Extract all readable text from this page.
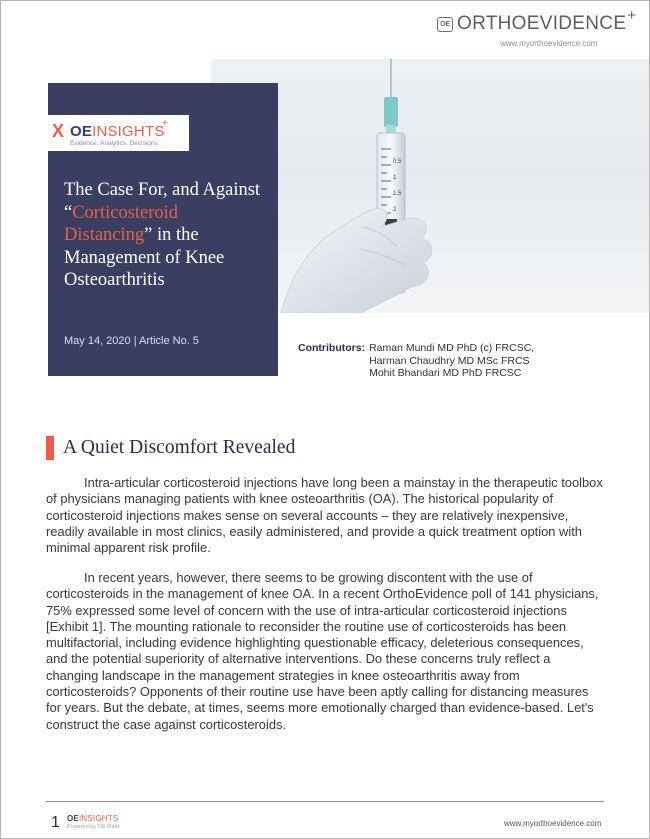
OE ORTHOEVIDENCE +
www.myorthoevidence.com
0.5
1
1.5
2
X OEINSIGHTS
+
Evidence, Analytics, Decisions
The Case For, and Against “Corticosteroid Distancing” in the Management of Knee Osteoarthritis
May 14, 2020 | Article No. 5
Contributors: Raman Mundi MD PhD (c) FRCSC,
Harman Chaudhry MD MSc FRCS
Mohit Bhandari MD PhD FRCSC
A Quiet Discomfort Revealed

Intra-articular corticosteroid injections have long been a mainstay in the therapeutic toolbox of physicians managing patients with knee osteoarthritis (OA). The historical popularity of corticosteroid injections makes sense on several accounts – they are relatively inexpensive, readily available in most clinics, easily administered, and provide a quick treatment option with minimal apparent risk profile.

In recent years, however, there seems to be growing discontent with the use of corticosteroids in the management of knee OA. In a recent OrthoEvidence poll of 141 physicians, 75% expressed some level of concern with the use of intra-articular corticosteroid injections [Exhibit 1]. The mounting rationale to reconsider the routine use of corticosteroids has been multifactorial, including evidence highlighting questionable efficacy, deleterious consequences, and the potential superiority of alternative interventions. Do these concerns truly reflect a changing landscape in the management strategies in knee osteoarthritis away from corticosteroids? Opponents of their routine use have been aptly calling for distancing measures for years. But the debate, at times, seems more emotionally charged than evidence-based. Let's construct the case against corticosteroids.

1 OEINSIGHTS
Powered by OE Mind	www.myorthoevidence.com
